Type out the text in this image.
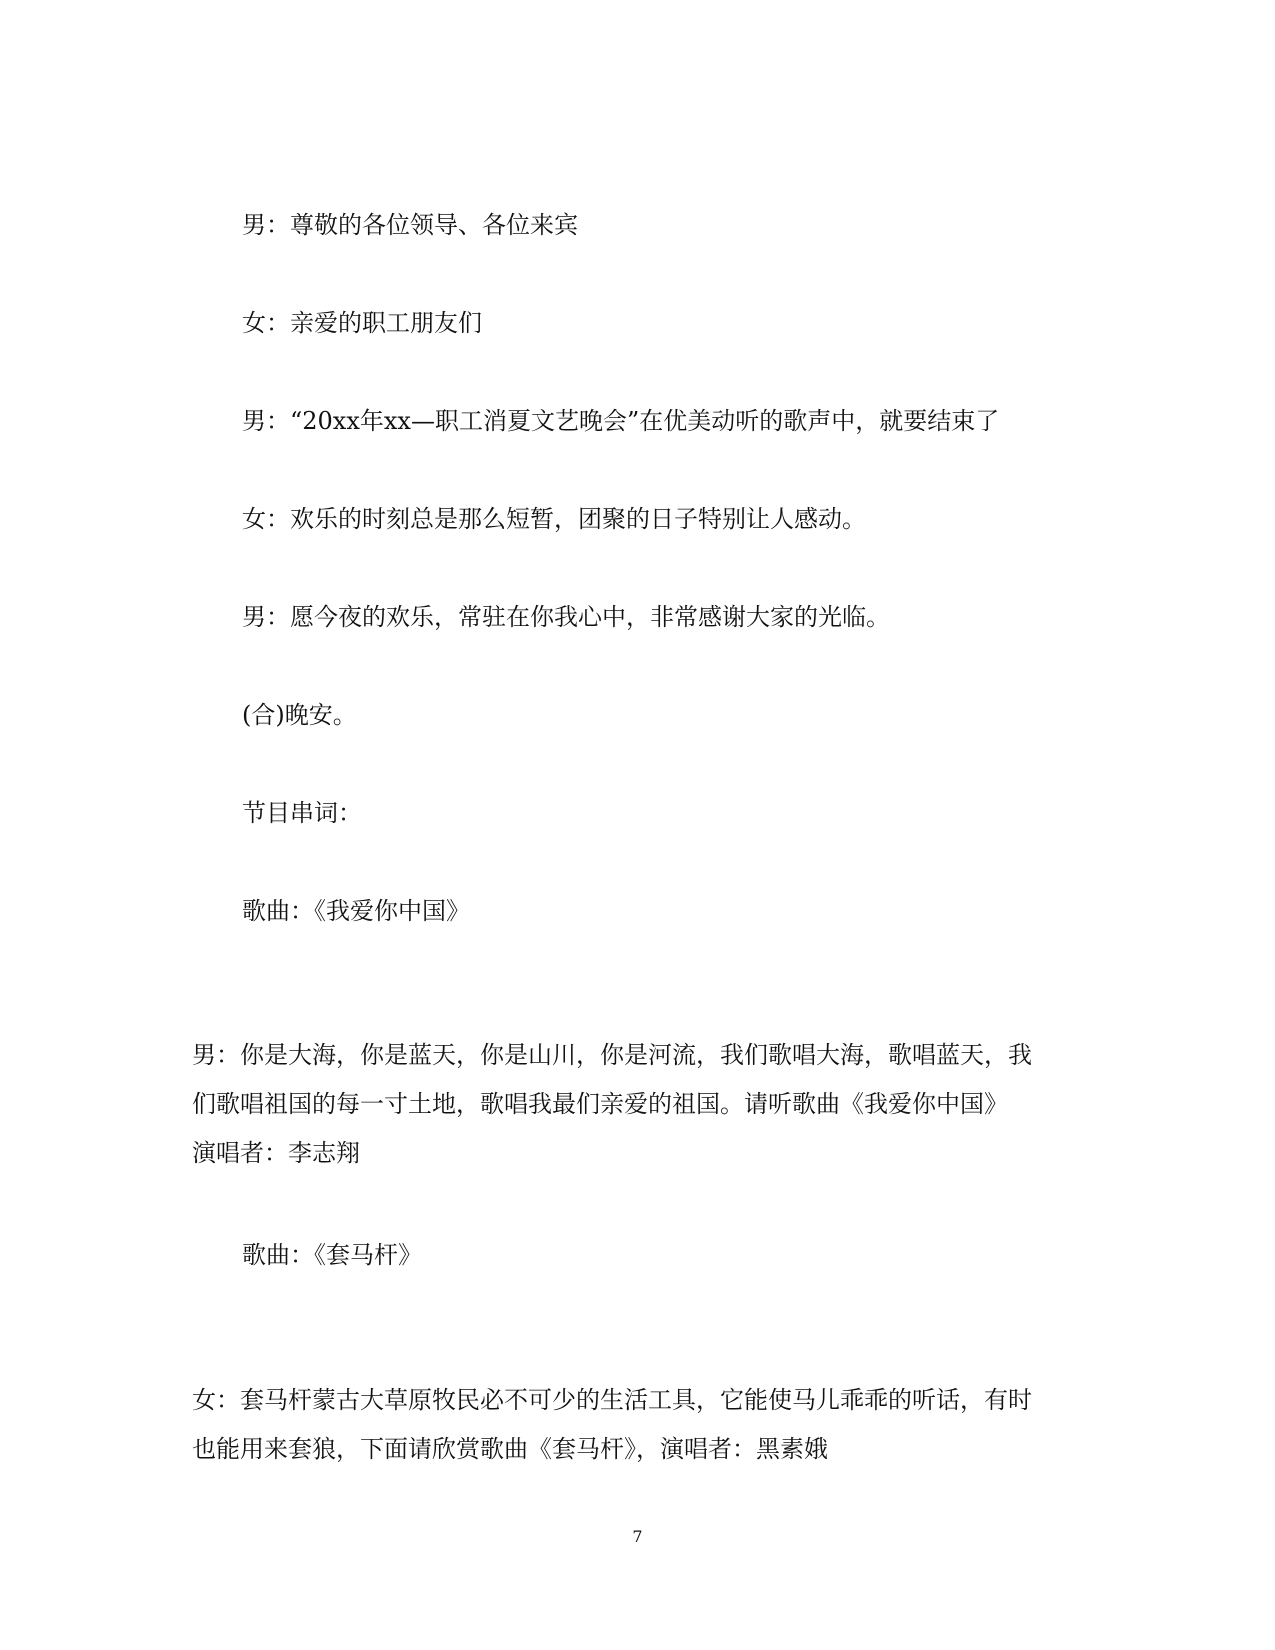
男：尊敬的各位领导、各位来宾

女：亲爱的职工朋友们

男：“20xx年xx—职工消夏文艺晚会”在优美动听的歌声中，就要结束了

女：欢乐的时刻总是那么短暂，团聚的日子特别让人感动。

男：愿今夜的欢乐，常驻在你我心中，非常感谢大家的光临。

(合)晚安。

节目串词：

歌曲：《我爱你中国》

男：你是大海，你是蓝天，你是山川，你是河流，我们歌唱大海，歌唱蓝天，我

们歌唱祖国的每一寸土地，歌唱我最们亲爱的祖国。请听歌曲《我爱你中国》

演唱者：李志翔

歌曲：《套马杆》

女：套马杆蒙古大草原牧民必不可少的生活工具，它能使马儿乖乖的听话，有时

也能用来套狼，下面请欣赏歌曲《套马杆》，演唱者：黑素娥

7
